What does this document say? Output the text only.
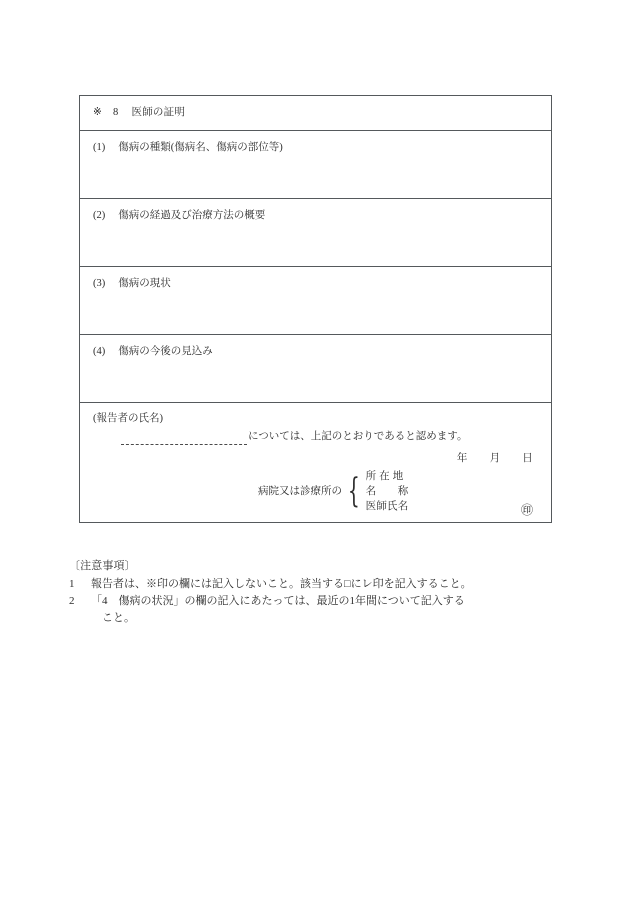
※ 8 医師の証明

(1) 傷病の種類(傷病名、傷病の部位等)

(2) 傷病の経過及び治療方法の概要

(3) 傷病の現状

(4) 傷病の今後の見込み

(報告者の氏名)
については、上記のとおりであると認めます。
年 月 日
病院又は診療所の { 所 在 地
名　　称
医師氏名	㊞
〔注意事項〕
1	報告者は、※印の欄には記入しないこと。該当する□にレ印を記入すること。
2	「4　傷病の状況」の欄の記入にあたっては、最近の1年間について記入する
こと。
